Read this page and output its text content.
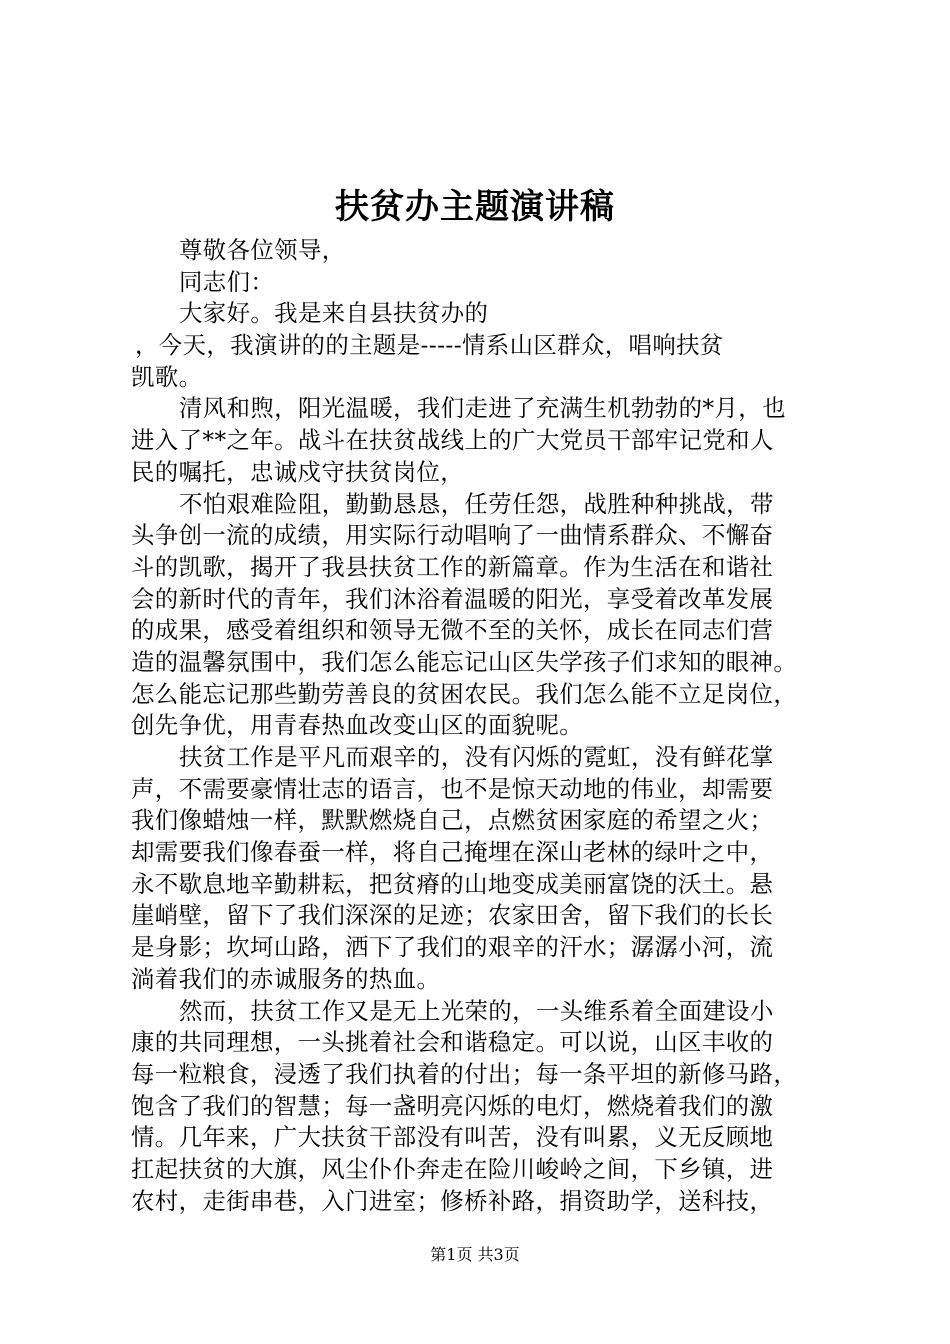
扶贫办主题演讲稿
尊敬各位领导，
同志们：
大家好。我是来自县扶贫办的
，今天，我演讲的的主题是-----情系山区群众，唱响扶贫
凯歌。
清风和煦，阳光温暖，我们走进了充满生机勃勃的*月，也
进入了**之年。战斗在扶贫战线上的广大党员干部牢记党和人
民的嘱托，忠诚戍守扶贫岗位，
不怕艰难险阻，勤勤恳恳，任劳任怨，战胜种种挑战，带
头争创一流的成绩，用实际行动唱响了一曲情系群众、不懈奋
斗的凯歌，揭开了我县扶贫工作的新篇章。作为生活在和谐社
会的新时代的青年，我们沐浴着温暖的阳光，享受着改革发展
的成果，感受着组织和领导无微不至的关怀，成长在同志们营
造的温馨氛围中，我们怎么能忘记山区失学孩子们求知的眼神。
怎么能忘记那些勤劳善良的贫困农民。我们怎么能不立足岗位，
创先争优，用青春热血改变山区的面貌呢。
扶贫工作是平凡而艰辛的，没有闪烁的霓虹，没有鲜花掌
声，不需要豪情壮志的语言，也不是惊天动地的伟业，却需要
我们像蜡烛一样，默默燃烧自己，点燃贫困家庭的希望之火；
却需要我们像春蚕一样，将自己掩埋在深山老林的绿叶之中，
永不歇息地辛勤耕耘，把贫瘠的山地变成美丽富饶的沃土。悬
崖峭壁，留下了我们深深的足迹；农家田舍，留下我们的长长
是身影；坎坷山路，洒下了我们的艰辛的汗水；潺潺小河，流
淌着我们的赤诚服务的热血。
然而，扶贫工作又是无上光荣的，一头维系着全面建设小
康的共同理想，一头挑着社会和谐稳定。可以说，山区丰收的
每一粒粮食，浸透了我们执着的付出；每一条平坦的新修马路，
饱含了我们的智慧；每一盏明亮闪烁的电灯，燃烧着我们的激
情。几年来，广大扶贫干部没有叫苦，没有叫累，义无反顾地
扛起扶贫的大旗，风尘仆仆奔走在险川峻岭之间，下乡镇，进
农村，走街串巷，入门进室；修桥补路，捐资助学，送科技，
第1页 共3页
